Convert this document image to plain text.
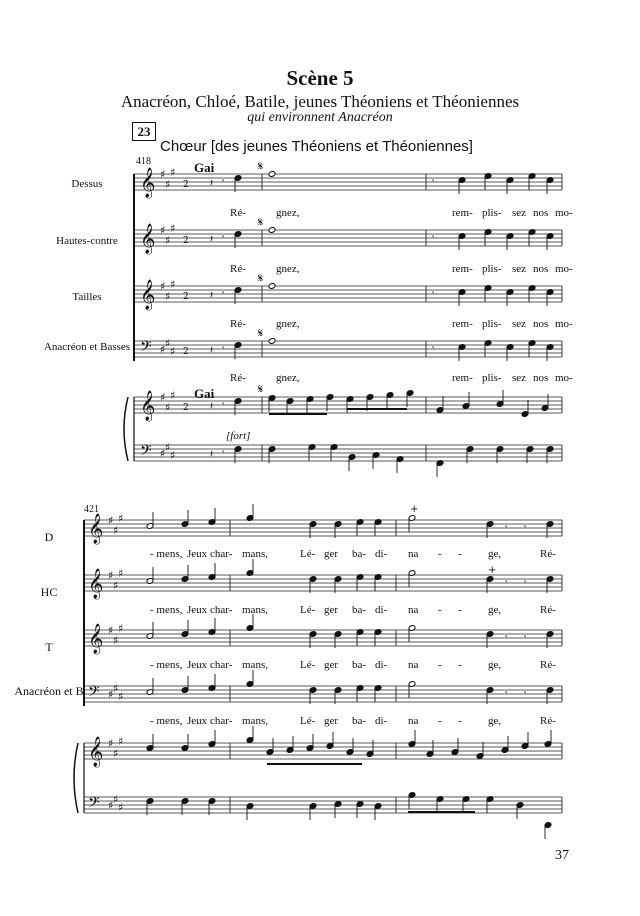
Scène 5
Anacréon, Chloé, Batile, jeunes Théoniens et Théoniennes
qui environnent Anacréon
23
Chœur [des jeunes Théoniens et Théoniennes]
418	Gai
Gai
[fort]
Dessus
Hautes-contre
Tailles
Anacréon et Basses
Ré-	gnez,	rem- plis- sez nos mo-
Ré-	gnez,	rem- plis- sez nos mo-
Ré-	gnez,	rem- plis- sez nos mo-
Ré-	gnez,	rem- plis- sez nos mo-
421
D
HC
T
Anacréon et B
- mens, Jeux char- mans,	Lé- ger ba- di- na - - ge,	Ré-
- mens, Jeux char- mans,	Lé- ger ba- di- na - - ge,	Ré-
- mens, Jeux char- mans,	Lé- ger ba- di- na - - ge,	Ré-
- mens, Jeux char- mans,	Lé- ger ba- di- na - - ge,	Ré-
37
𝄞 ♯
♯
♯
2
𝄞 ♯
♯
♯
2
𝄞 ♯
♯
♯
2
𝄢 ♯ ♯
♯ 2
𝄞 ♯
♯
♯
2
𝄢 ♯ ♯
♯
𝄋
𝄋
𝄋
𝄋
𝄋
𝄽 𝄾
𝄽 𝄾
𝄽 𝄾
𝄽 𝄾
𝄽 𝄾
𝄽 𝄾
𝄾
𝄾
𝄾
𝄾
𝄞 ♯
♯
♯
𝄞 ♯
♯
♯
𝄞 ♯
♯
♯
𝄢 ♯ ♯
♯
𝄞 ♯
♯
♯
𝄢 ♯ ♯
♯
𝄾 𝄾
𝄾 𝄾
𝄾 𝄾
𝄾 𝄾
+
+
